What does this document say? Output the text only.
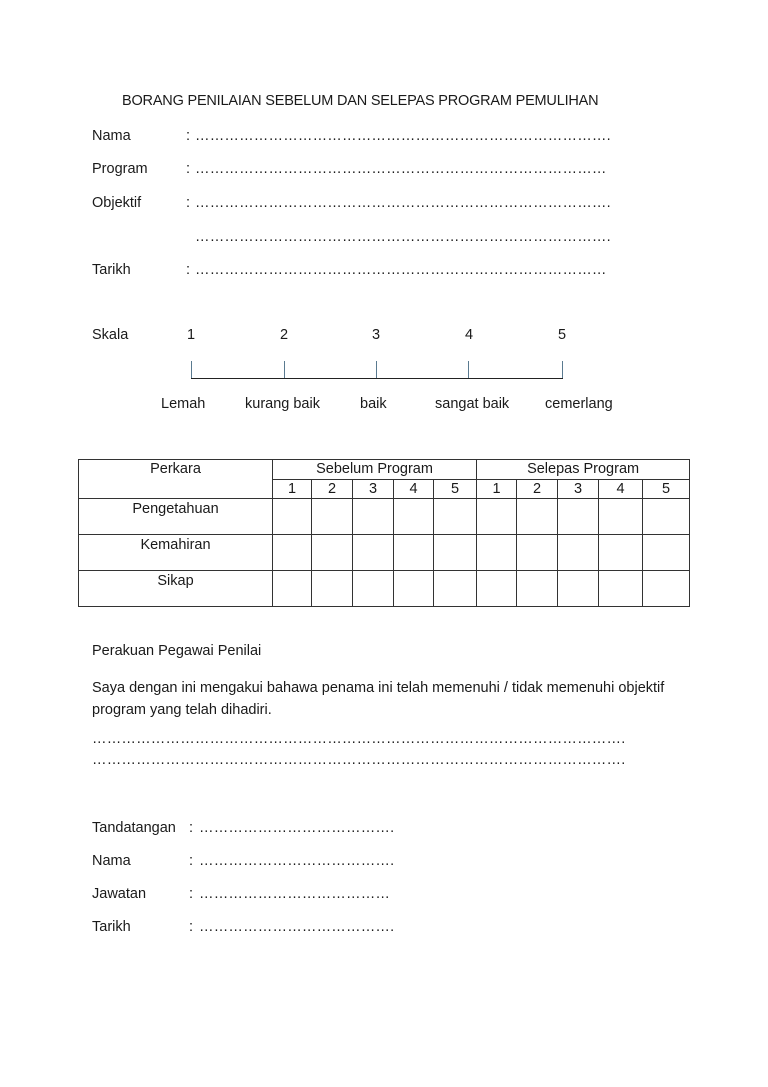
BORANG PENILAIAN SEBELUM DAN SELEPAS PROGRAM PEMULIHAN
Nama	: ………………………………………………………………………….
Program	: …………………………………………………………………………
Objektif	: ………………………………………………………………………….
………………………………………………………………………….
Tarikh	: …………………………………………………………………………
Skala	1	2	3	4	5
Lemah	kurang baik	baik	sangat baik cemerlang
Perkara	Sebelum Program					Selepas Program				
	1	2	3	4	5	1	2	3	4	5
Pengetahuan										
Kemahiran										
Sikap										
Perakuan Pegawai Penilai
Saya dengan ini mengakui bahawa penama ini telah memenuhi / tidak memenuhi objektif program yang telah dihadiri.
……………………………………………………………………………………………….
……………………………………………………………………………………………….
Tandatangan : ………………………………….
Nama	: ………………………………….
Jawatan	: …………………………………
Tarikh	: ………………………………….
